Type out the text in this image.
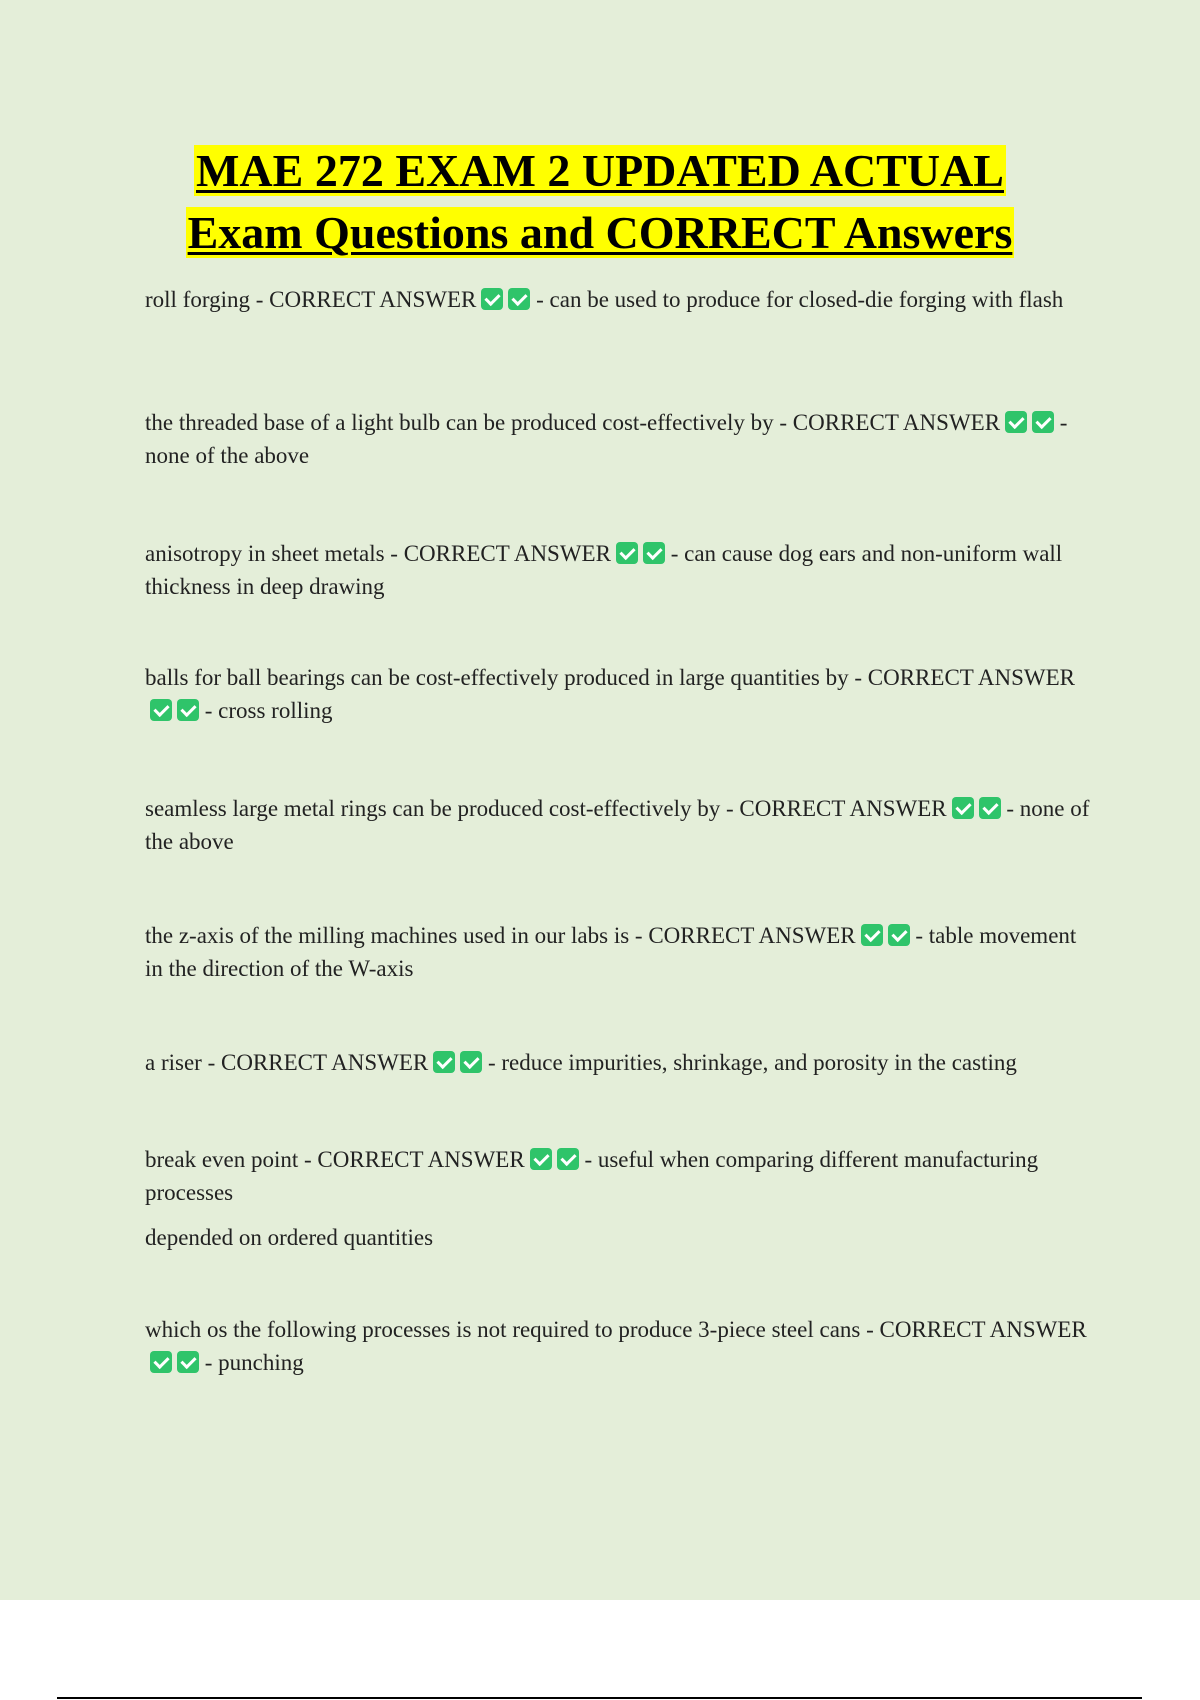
MAE 272 EXAM 2 UPDATED ACTUAL
Exam Questions and CORRECT Answers

roll forging - CORRECT ANSWER	- can be used to produce for closed-die forging with flash

the threaded base of a light bulb can be produced cost-effectively by - CORRECT ANSWER	- none of the above

anisotropy in sheet metals - CORRECT ANSWER	- can cause dog ears and non-uniform wall thickness in deep drawing

balls for ball bearings can be cost-effectively produced in large quantities by - CORRECT ANSWER - cross rolling

seamless large metal rings can be produced cost-effectively by - CORRECT ANSWER	- none of the above

the z-axis of the milling machines used in our labs is - CORRECT ANSWER	- table movement in the direction of the W-axis

a riser - CORRECT ANSWER	- reduce impurities, shrinkage, and porosity in the casting

break even point - CORRECT ANSWER	- useful when comparing different manufacturing processes

depended on ordered quantities

which os the following processes is not required to produce 3-piece steel cans - CORRECT ANSWER - punching
